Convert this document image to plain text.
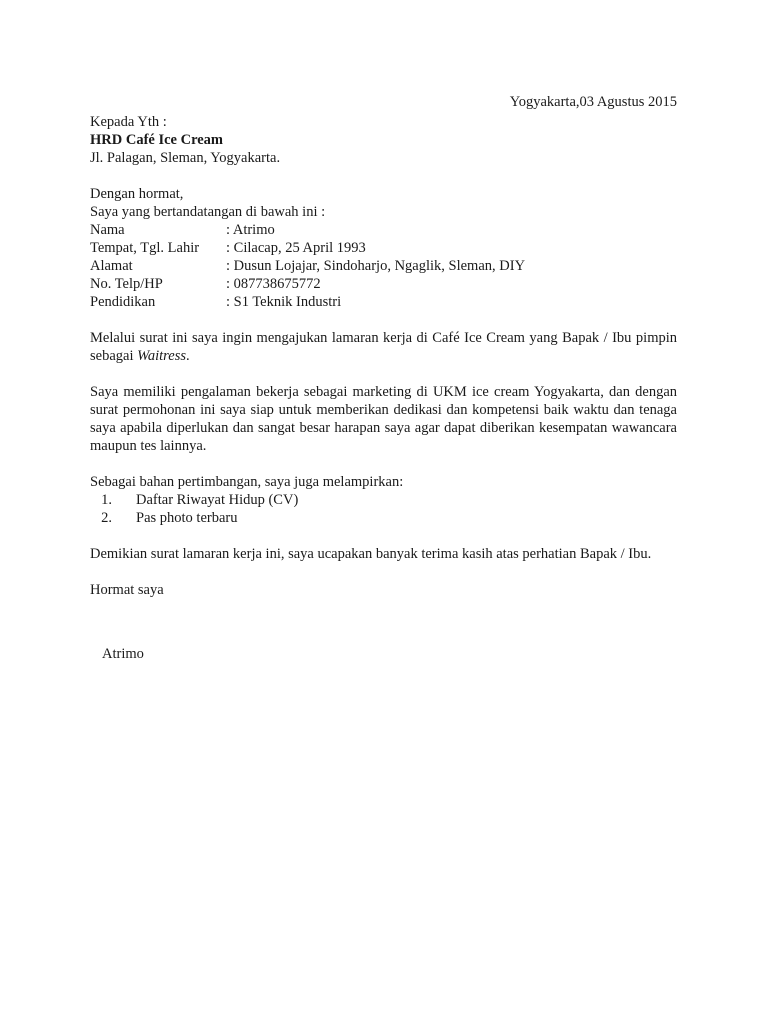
Yogyakarta,03 Agustus 2015
Kepada Yth :
HRD Café Ice Cream
Jl. Palagan, Sleman, Yogyakarta.
Dengan hormat,
Saya yang bertandatangan di bawah ini :
Nama	: Atrimo
Tempat, Tgl. Lahir	: Cilacap, 25 April 1993
Alamat	: Dusun Lojajar, Sindoharjo, Ngaglik, Sleman, DIY
No. Telp/HP	: 087738675772
Pendidikan	: S1 Teknik Industri
Melalui surat ini saya ingin mengajukan lamaran kerja di Café Ice Cream yang Bapak / Ibu pimpin sebagai Waitress.
Saya memiliki pengalaman bekerja sebagai marketing di UKM ice cream Yogyakarta, dan dengan surat permohonan ini saya siap untuk memberikan dedikasi dan kompetensi baik waktu dan tenaga saya apabila diperlukan dan sangat besar harapan saya agar dapat diberikan kesempatan wawancara maupun tes lainnya.
Sebagai bahan pertimbangan, saya juga melampirkan:
1.	Daftar Riwayat Hidup (CV)
2.	Pas photo terbaru
Demikian surat lamaran kerja ini, saya ucapakan banyak terima kasih atas perhatian Bapak / Ibu.
Hormat saya
Atrimo
